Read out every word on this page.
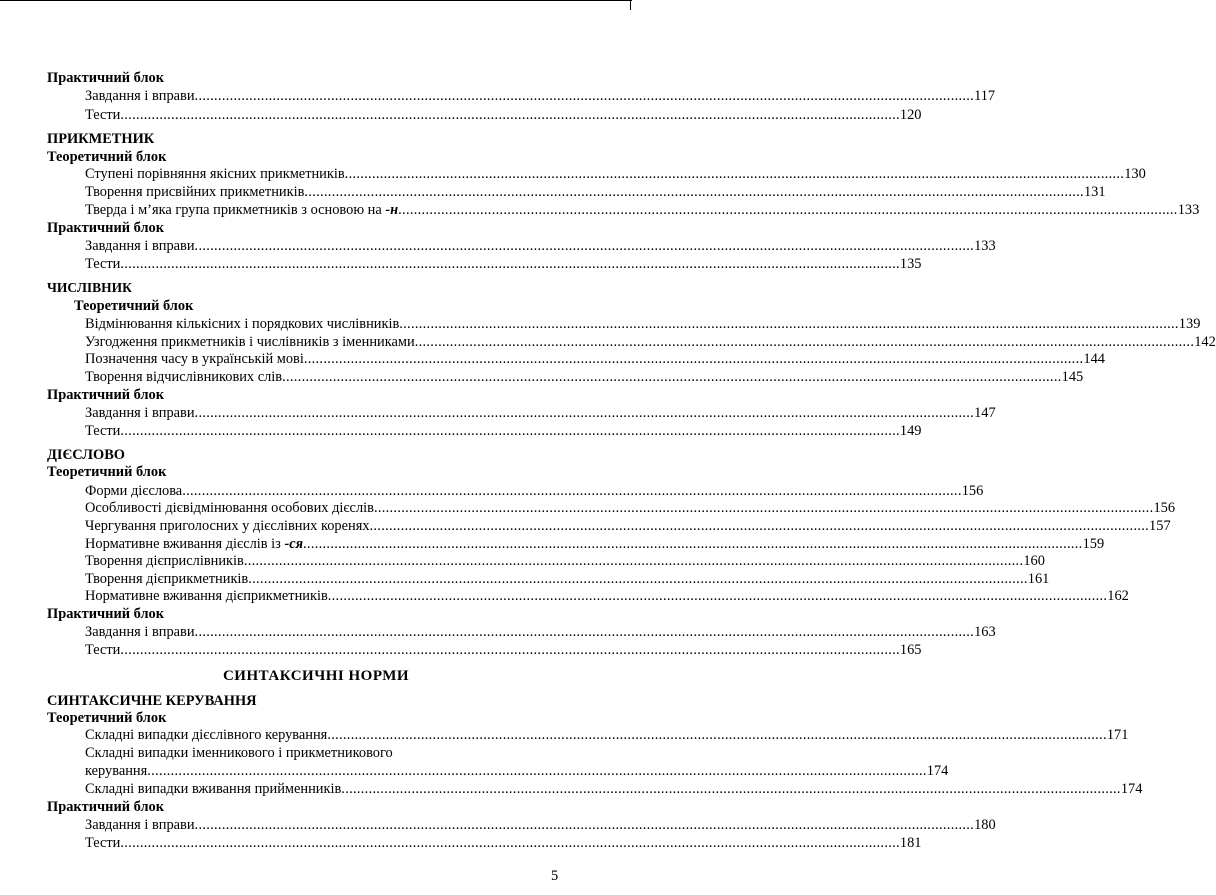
Практичний блок
Завдання і вправи ........................................................................................................................................................................................................ 117
Тести ........................................................................................................................................................................................................ 120
ПРИКМЕТНИК
Теоретичний блок
Ступені порівняння якісних прикметників ........................................................................................................................................................................................................ 130
Творення присвійних прикметників ........................................................................................................................................................................................................ 131
Тверда і м’яка група прикметників з основою на -н ........................................................................................................................................................................................................ 133
Практичний блок
Завдання і вправи ........................................................................................................................................................................................................ 133
Тести ........................................................................................................................................................................................................ 135
ЧИСЛІВНИК
Теоретичний блок
Відмінювання кількісних і порядкових числівників ........................................................................................................................................................................................................ 139
Узгодження прикметників і числівників з іменниками ........................................................................................................................................................................................................ 142
Позначення часу в українській мові ........................................................................................................................................................................................................ 144
Творення відчислівникових слів ........................................................................................................................................................................................................ 145
Практичний блок
Завдання і вправи ........................................................................................................................................................................................................ 147
Тести ........................................................................................................................................................................................................ 149
ДІЄСЛОВО
Теоретичний блок
Форми дієслова ........................................................................................................................................................................................................ 156
Особливості дієвідмінювання особових дієслів ........................................................................................................................................................................................................ 156
Чергування приголосних у дієслівних коренях ........................................................................................................................................................................................................ 157
Нормативне вживання дієслів із -ся ........................................................................................................................................................................................................ 159
Творення дієприслівників ........................................................................................................................................................................................................ 160
Творення дієприкметників ........................................................................................................................................................................................................ 161
Нормативне вживання дієприкметників ........................................................................................................................................................................................................ 162
Практичний блок
Завдання і вправи ........................................................................................................................................................................................................ 163
Тести ........................................................................................................................................................................................................ 165
СИНТАКСИЧНІ НОРМИ
СИНТАКСИЧНЕ КЕРУВАННЯ
Теоретичний блок
Складні випадки дієслівного керування ........................................................................................................................................................................................................ 171
Складні випадки іменникового і прикметникового
керування ........................................................................................................................................................................................................ 174
Складні випадки вживання прийменників ........................................................................................................................................................................................................ 174
Практичний блок
Завдання і вправи ........................................................................................................................................................................................................ 180
Тести ........................................................................................................................................................................................................ 181
5
